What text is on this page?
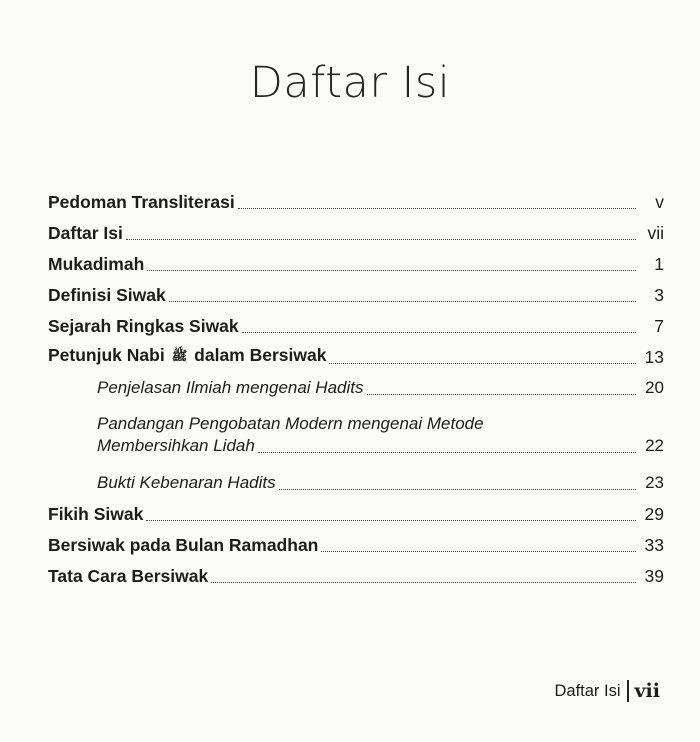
Daftar Isi
Pedoman Transliterasi	v
Daftar Isi	vii
Mukadimah	1
Definisi Siwak	3
Sejarah Ringkas Siwak	7
Petunjuk Nabi ﷺ dalam Bersiwak	13
Penjelasan Ilmiah mengenai Hadits	20
Pandangan Pengobatan Modern mengenai Metode
Membersihkan Lidah	22
Bukti Kebenaran Hadits	23
Fikih Siwak	29
Bersiwak pada Bulan Ramadhan	33
Tata Cara Bersiwak	39
Daftar Isi vii
